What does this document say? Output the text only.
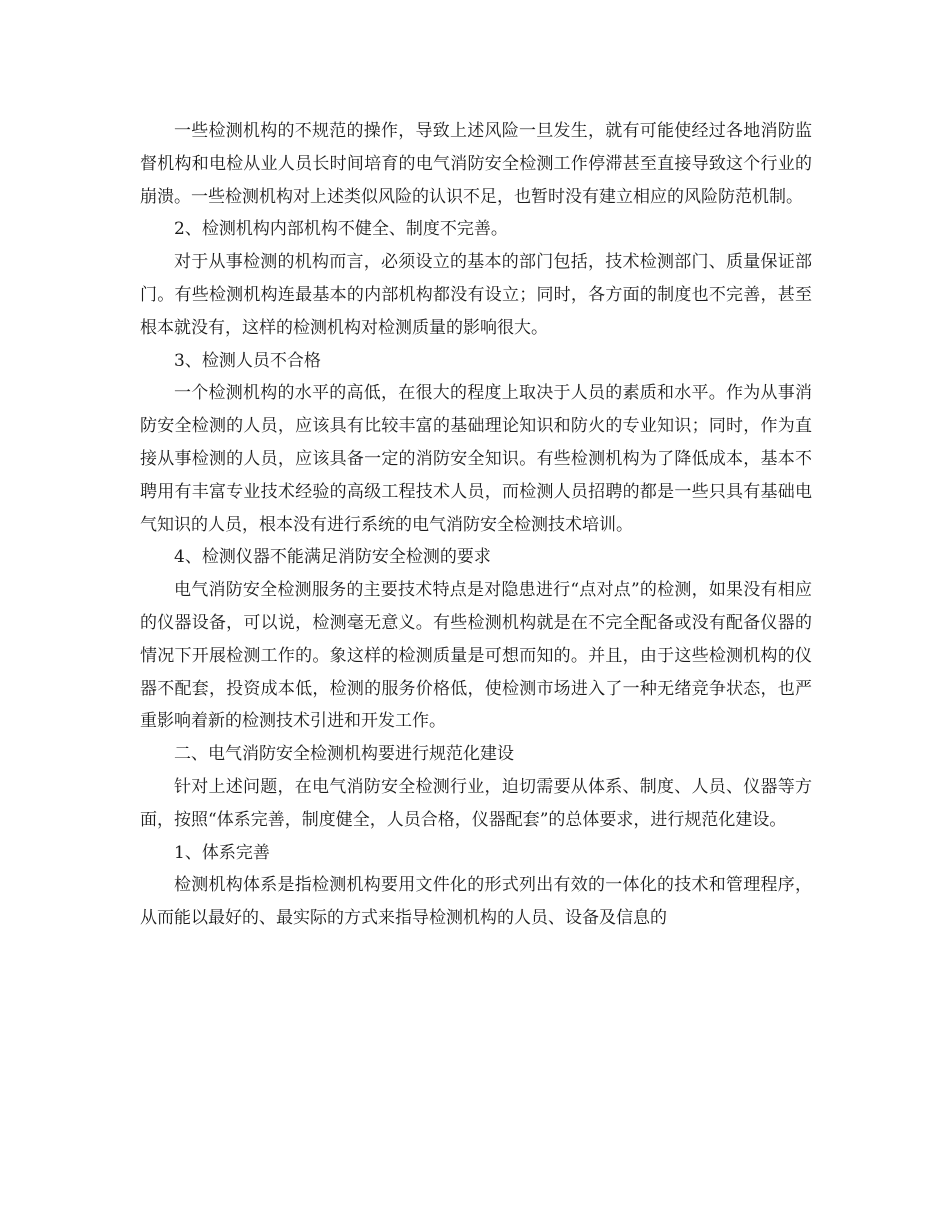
一些检测机构的不规范的操作，导致上述风险一旦发生，就有可能使经过各地消防监督机构和电检从业人员长时间培育的电气消防安全检测工作停滞甚至直接导致这个行业的崩溃。一些检测机构对上述类似风险的认识不足，也暂时没有建立相应的风险防范机制。

2、检测机构内部机构不健全、制度不完善。

对于从事检测的机构而言，必须设立的基本的部门包括，技术检测部门、质量保证部门。有些检测机构连最基本的内部机构都没有设立；同时，各方面的制度也不完善，甚至根本就没有，这样的检测机构对检测质量的影响很大。

3、检测人员不合格

一个检测机构的水平的高低，在很大的程度上取决于人员的素质和水平。作为从事消防安全检测的人员，应该具有比较丰富的基础理论知识和防火的专业知识；同时，作为直接从事检测的人员，应该具备一定的消防安全知识。有些检测机构为了降低成本，基本不聘用有丰富专业技术经验的高级工程技术人员，而检测人员招聘的都是一些只具有基础电气知识的人员，根本没有进行系统的电气消防安全检测技术培训。

4、检测仪器不能满足消防安全检测的要求

电气消防安全检测服务的主要技术特点是对隐患进行“点对点”的检测，如果没有相应的仪器设备，可以说，检测毫无意义。有些检测机构就是在不完全配备或没有配备仪器的情况下开展检测工作的。象这样的检测质量是可想而知的。并且，由于这些检测机构的仪器不配套，投资成本低，检测的服务价格低，使检测市场进入了一种无绪竞争状态，也严重影响着新的检测技术引进和开发工作。

二、电气消防安全检测机构要进行规范化建设

针对上述问题，在电气消防安全检测行业，迫切需要从体系、制度、人员、仪器等方面，按照“体系完善，制度健全，人员合格，仪器配套”的总体要求，进行规范化建设。

1、体系完善

检测机构体系是指检测机构要用文件化的形式列出有效的一体化的技术和管理程序，从而能以最好的、最实际的方式来指导检测机构的人员、设备及信息的
